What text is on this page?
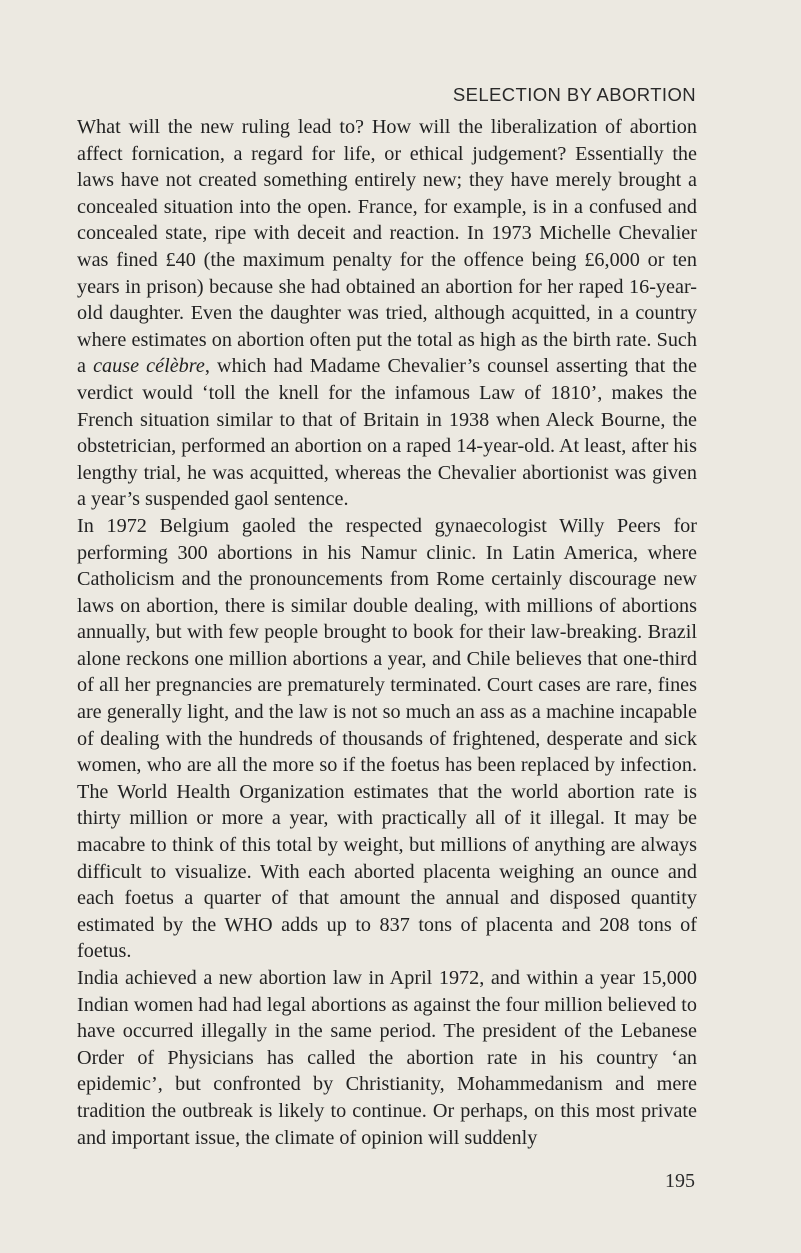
SELECTION BY ABORTION

What will the new ruling lead to? How will the liberalization of abortion affect fornication, a regard for life, or ethical judgement? Essentially the laws have not created something entirely new; they have merely brought a concealed situation into the open. France, for example, is in a confused and concealed state, ripe with deceit and reaction. In 1973 Michelle Chevalier was fined £40 (the maximum penalty for the offence being £6,000 or ten years in prison) because she had obtained an abortion for her raped 16-year-old daughter. Even the daughter was tried, although acquitted, in a country where estimates on abortion often put the total as high as the birth rate. Such a cause célèbre, which had Madame Chevalier’s counsel asserting that the verdict would ‘toll the knell for the infamous Law of 1810’, makes the French situation similar to that of Britain in 1938 when Aleck Bourne, the obstetrician, performed an abortion on a raped 14-year-old. At least, after his lengthy trial, he was acquitted, whereas the Chevalier abortionist was given a year’s suspended gaol sentence.

In 1972 Belgium gaoled the respected gynaecologist Willy Peers for performing 300 abortions in his Namur clinic. In Latin America, where Catholicism and the pronouncements from Rome certainly discourage new laws on abortion, there is similar double dealing, with millions of abortions annually, but with few people brought to book for their law-breaking. Brazil alone reckons one million abortions a year, and Chile believes that one-third of all her pregnancies are prematurely terminated. Court cases are rare, fines are generally light, and the law is not so much an ass as a machine incapable of dealing with the hundreds of thousands of frightened, desperate and sick women, who are all the more so if the foetus has been replaced by infection. The World Health Organization estimates that the world abortion rate is thirty million or more a year, with practically all of it illegal. It may be macabre to think of this total by weight, but millions of anything are always difficult to visualize. With each aborted placenta weighing an ounce and each foetus a quarter of that amount the annual and disposed quantity estimated by the WHO adds up to 837 tons of placenta and 208 tons of foetus.

India achieved a new abortion law in April 1972, and within a year 15,000 Indian women had had legal abortions as against the four million believed to have occurred illegally in the same period. The president of the Lebanese Order of Physicians has called the abortion rate in his country ‘an epidemic’, but confronted by Christianity, Mohammedanism and mere tradition the outbreak is likely to continue. Or perhaps, on this most private and important issue, the climate of opinion will suddenly

195
